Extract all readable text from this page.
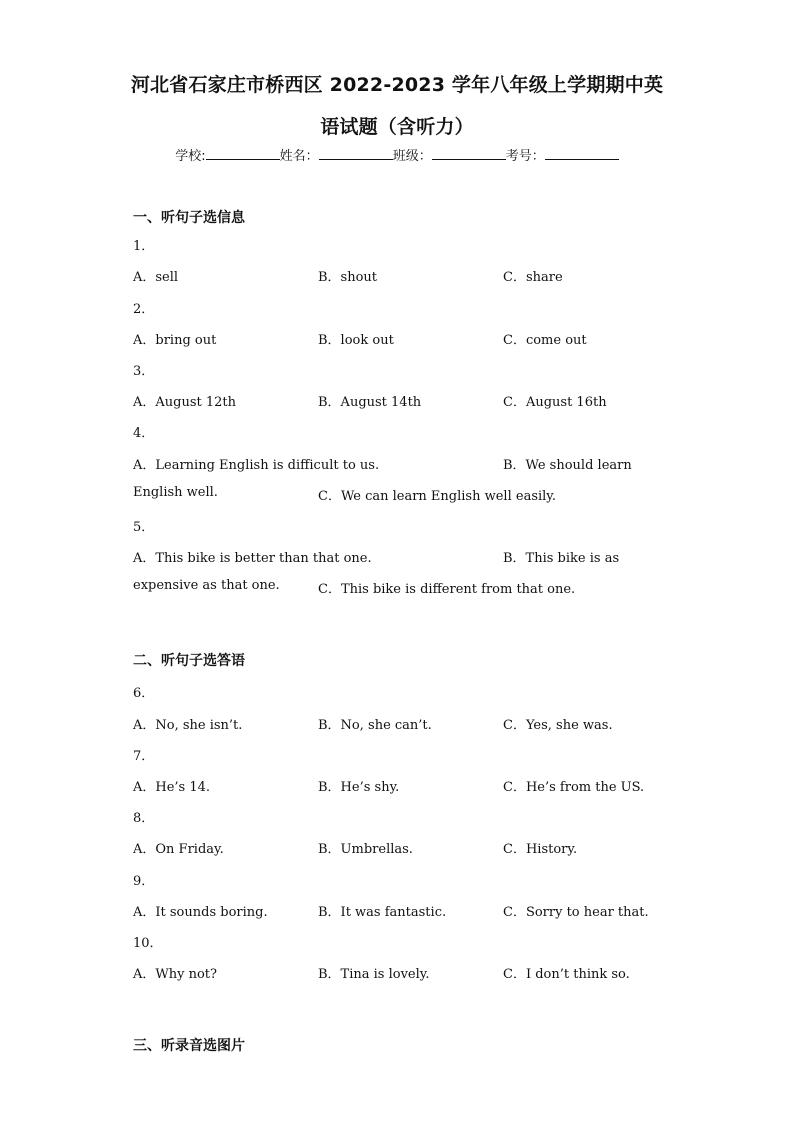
河北省石家庄市桥西区 2022-2023 学年八年级上学期期中英
语试题（含听力）
学校:	姓名：	班级：	考号：
一、听句子选信息
1．
A．sell	B．shout	C．share
2．
A．bring out	B．look out	C．come out
3．
A．August 12th	B．August 14th	C．August 16th
4．
A．Learning English is difficult to us.	B．We should learn
English well.	C．We can learn English well easily.
5．
A．This bike is better than that one.	B．This bike is as
expensive as that one.	C．This bike is different from that one.
二、听句子选答语
6．
A．No, she isn’t.	B．No, she can’t.	C．Yes, she was.
7．
A．He’s 14.	B．He’s shy.	C．He’s from the US.
8．
A．On Friday.	B．Umbrellas.	C．History.
9．
A．It sounds boring.	B．It was fantastic.	C．Sorry to hear that.
10．
A．Why not?	B．Tina is lovely.	C．I don’t think so.
三、听录音选图片
